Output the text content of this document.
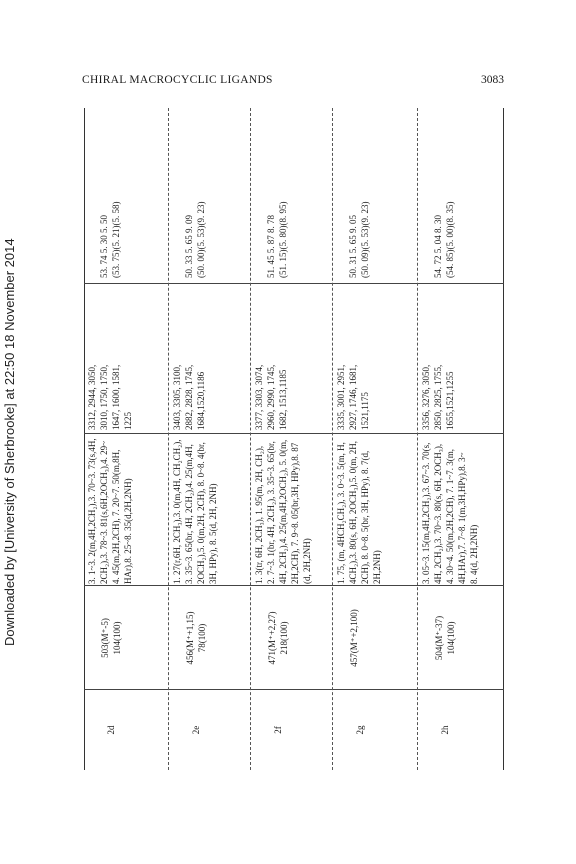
CHIRAL MACROCYCLIC LIGANDS	3083
Downloaded by [University of Sherbrooke] at 22:50 18 November 2014
2d
503(M⁺-5) 104(100)
3. 1~3. 2(m,4H,2CH₂),3. 70~3. 73(s,4H, 2CH₂),3. 78~3. 81(s,6H,2OCH₃),4. 29~ 4. 45(m,2H,2CH), 7. 20~7. 50(m,8H, HAr),8. 25~8. 35(d,2H,2NH)
3312, 2944, 3050, 3010, 1750, 1750, 1647, 1600, 1581, 1225
53. 74 5. 30 5. 50 (53. 75)(5. 21)(5. 58)
2e
456(M⁺+1,15) 78(100)
1. 27(r,6H, 2CH₃),3. 0(m,4H, CH₂CH₂), 3. 35~3. 65(br, 4H, 2CH₂),4. 25(m,4H, 2OCH₂),5. 0(m,2H, 2CH), 8. 0~8. 4(br, 3H, HPy), 8. 5(d, 2H, 2NH)
3403, 3305, 3100, 2882, 2828, 1745, 1684,1520,1186
50. 33 5. 65 9. 09 (50. 00)(5. 53)(9. 23)
2f
471(M⁺+2,27) 218(100)
1. 3(tr, 6H, 2CH₃), 1. 95(m, 2H, CH₂), 2. 7~3. 1(br, 4H, 2CH₂), 3. 35~3. 65(br, 4H, 2CH₂),4. 25(m,4H,2OCH₂), 5. 0(m, 2H,2CH), 7. 9~8. 05(br,3H, HPy),8. 87 (d, 2H,2NH)
3377, 3303, 3074, 2960, 2990, 1745, 1682, 1513,1185
51. 45 5. 87 8. 78 (51. 15)(5. 80)(8. 95)
2g
457(M⁺+2,100)
1. 75, (m, 4HCH₂CH₂), 3. 0~3. 5(m, H, 4CH₂),3. 80(s, 6H, 2OCH₃),5. 0(m, 2H, 2CH), 8. 0~8. 5(br, 3H, HPy), 8. 7(d, 2H,2NH)
3335, 3001, 2951, 2927, 1746, 1681, 1521,1175
50. 31 5. 65 9. 05 (50. 09)(5. 53)(9. 23)
2h
504(M⁺-37) 104(100)
3. 05~3. 15(m,4H,2CH₂),3. 67~3. 70(s, 4H, 2CH₂),3. 70~3. 80(s, 6H, 2OCH₃), 4. 30~4. 50(m,2H,2CH), 7. 1~7. 3(m, 4H,HAr),7. 7~8. 1(m,3H,HPy),8. 3~ 8. 4(d, 2H,2NH)
3356, 3276, 3050, 2850, 2825, 1755, 1655,1521,1255
54. 72 5. 04 8. 30 (54. 85)(5. 00)(8. 35)
